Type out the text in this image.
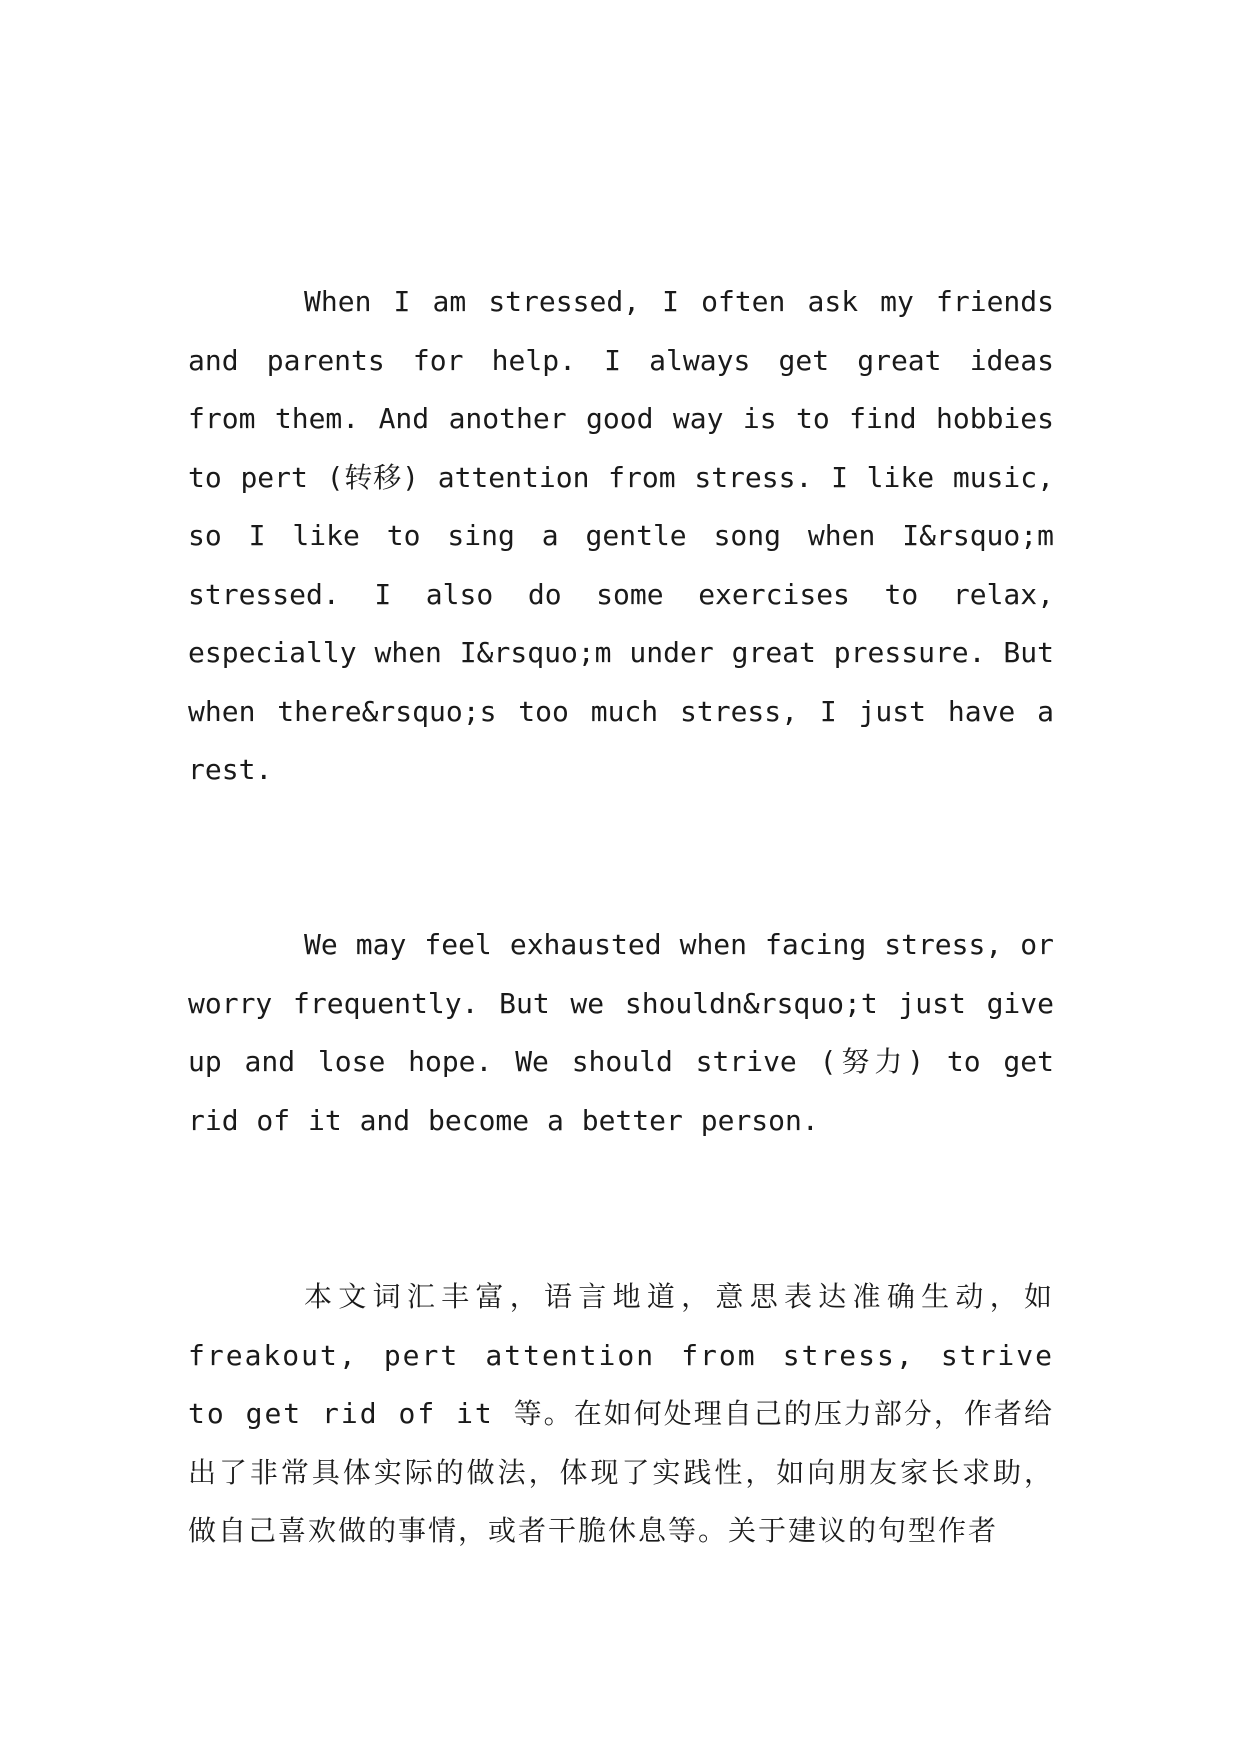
When I am stressed, I often ask my friends and parents for help. I always get great ideas from them. And another good way is to find hobbies to pert (转移) attention from stress. I like music, so I like to sing a gentle song when I&rsquo;m stressed. I also do some exercises to relax, especially when I&rsquo;m under great pressure. But when there&rsquo;s too much stress, I just have a rest.

We may feel exhausted when facing stress, or worry frequently. But we shouldn&rsquo;t just give up and lose hope. We should strive (努力) to get rid of it and become a better person.

本文词汇丰富，语言地道，意思表达准确生动，如freakout, pert attention from stress, strive to get rid of it 等。在如何处理自己的压力部分，作者给出了非常具体实际的做法，体现了实践性，如向朋友家长求助，做自己喜欢做的事情，或者干脆休息等。关于建议的句型作者
